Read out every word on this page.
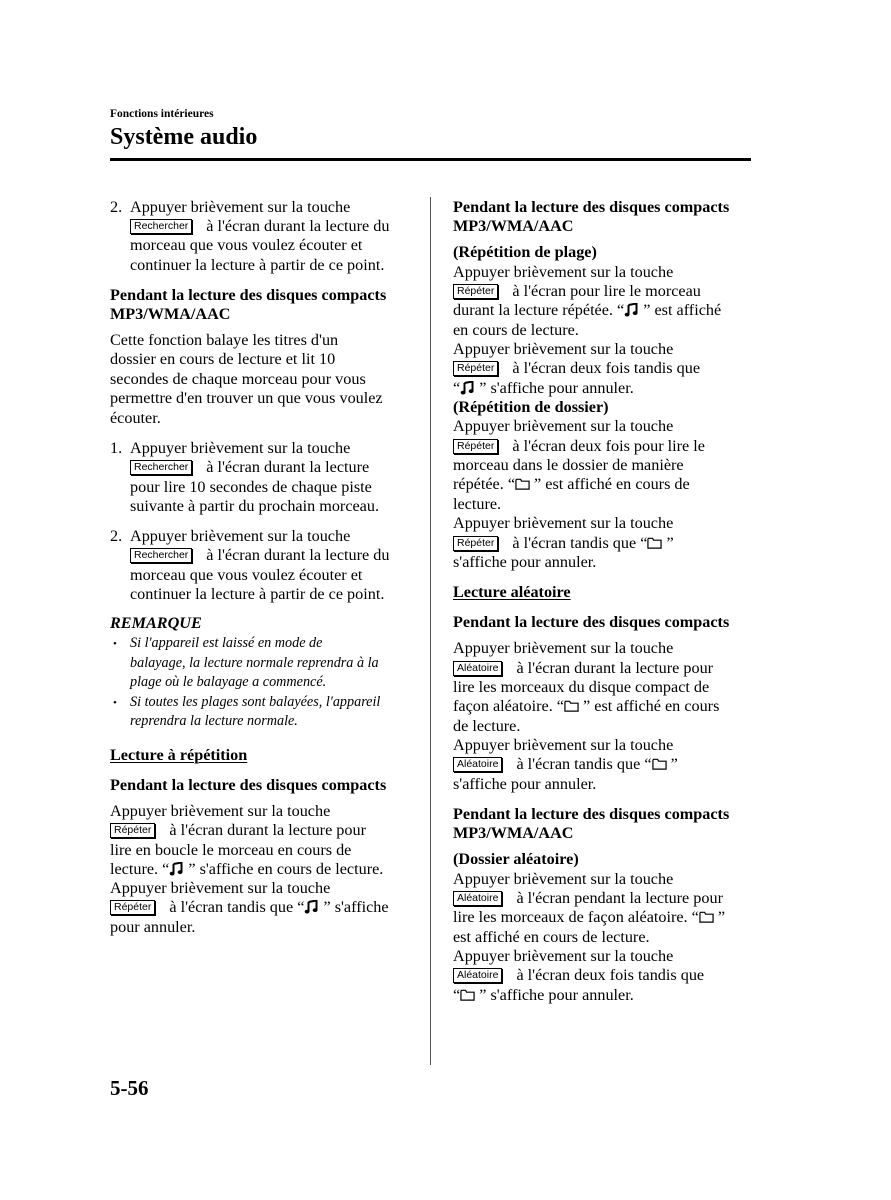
Fonctions intérieures
Système audio
2. Appuyer brièvement sur la touche
Rechercher à l'écran durant la lecture du
morceau que vous voulez écouter et
continuer la lecture à partir de ce point.
Pendant la lecture des disques compacts
MP3/WMA/AAC
Cette fonction balaye les titres d'un
dossier en cours de lecture et lit 10
secondes de chaque morceau pour vous
permettre d'en trouver un que vous voulez
écouter.
1. Appuyer brièvement sur la touche
Rechercher à l'écran durant la lecture
pour lire 10 secondes de chaque piste
suivante à partir du prochain morceau.
2. Appuyer brièvement sur la touche
Rechercher à l'écran durant la lecture du
morceau que vous voulez écouter et
continuer la lecture à partir de ce point.
REMARQUE
• Si l'appareil est laissé en mode de
balayage, la lecture normale reprendra à la
plage où le balayage a commencé.
• Si toutes les plages sont balayées, l'appareil
reprendra la lecture normale.
Lecture à répétition
Pendant la lecture des disques compacts
Appuyer brièvement sur la touche
Répéter à l'écran durant la lecture pour
lire en boucle le morceau en cours de
lecture. “ ” s'affiche en cours de lecture.
Appuyer brièvement sur la touche
Répéter à l'écran tandis que “ ” s'affiche
pour annuler.
Pendant la lecture des disques compacts
MP3/WMA/AAC
(Répétition de plage)
Appuyer brièvement sur la touche
Répéter à l'écran pour lire le morceau
durant la lecture répétée. “ ” est affiché
en cours de lecture.
Appuyer brièvement sur la touche
Répéter à l'écran deux fois tandis que
“ ” s'affiche pour annuler.
(Répétition de dossier)
Appuyer brièvement sur la touche
Répéter à l'écran deux fois pour lire le
morceau dans le dossier de manière
répétée. “ ” est affiché en cours de
lecture.
Appuyer brièvement sur la touche
Répéter à l'écran tandis que “ ”
s'affiche pour annuler.
Lecture aléatoire
Pendant la lecture des disques compacts
Appuyer brièvement sur la touche
Aléatoire à l'écran durant la lecture pour
lire les morceaux du disque compact de
façon aléatoire. “ ” est affiché en cours
de lecture.
Appuyer brièvement sur la touche
Aléatoire à l'écran tandis que “ ”
s'affiche pour annuler.
Pendant la lecture des disques compacts
MP3/WMA/AAC
(Dossier aléatoire)
Appuyer brièvement sur la touche
Aléatoire à l'écran pendant la lecture pour
lire les morceaux de façon aléatoire. “ ”
est affiché en cours de lecture.
Appuyer brièvement sur la touche
Aléatoire à l'écran deux fois tandis que
“ ” s'affiche pour annuler.
5-56
